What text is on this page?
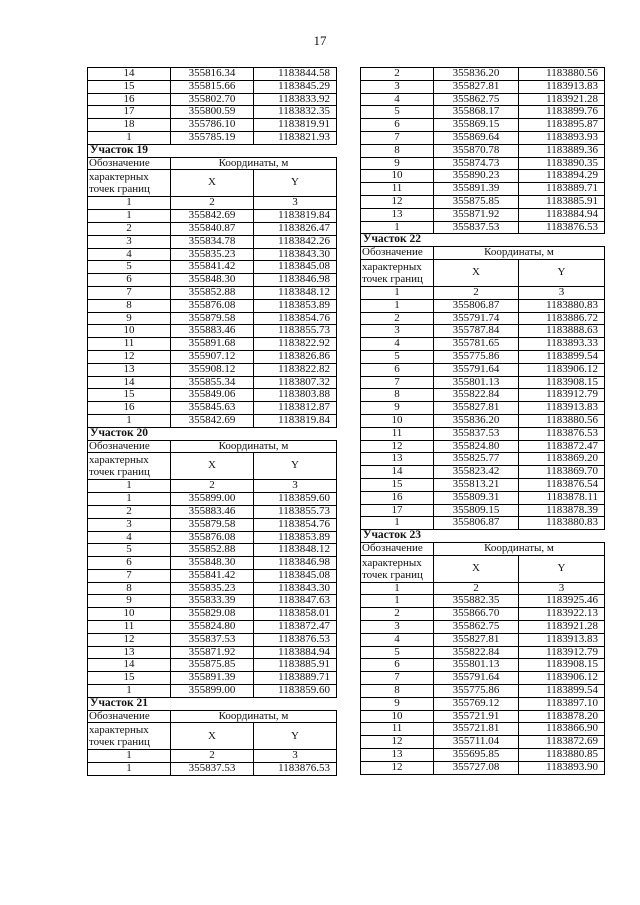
17
14	355816.34	1183844.58
15	355815.66	1183845.29
16	355802.70	1183833.92
17	355800.59	1183832.35
18	355786.10	1183819.91
1	355785.19	1183821.93
Участок 19		
Обозначение	Координаты, м	

характерных
точек границ	X	Y
1	2	3
1	355842.69	1183819.84
2	355840.87	1183826.47
3	355834.78	1183842.26
4	355835.23	1183843.30
5	355841.42	1183845.08
6	355848.30	1183846.98
7	355852.88	1183848.12
8	355876.08	1183853.89
9	355879.58	1183854.76
10	355883.46	1183855.73
11	355891.68	1183822.92
12	355907.12	1183826.86
13	355908.12	1183822.82
14	355855.34	1183807.32
15	355849.06	1183803.88
16	355845.63	1183812.87
1	355842.69	1183819.84
Участок 20		
Обозначение	Координаты, м	

характерных
точек границ	X	Y
1	2	3
1	355899.00	1183859.60
2	355883.46	1183855.73
3	355879.58	1183854.76
4	355876.08	1183853.89
5	355852.88	1183848.12
6	355848.30	1183846.98
7	355841.42	1183845.08
8	355835.23	1183843.30
9	355833.39	1183847.63
10	355829.08	1183858.01
11	355824.80	1183872.47
12	355837.53	1183876.53
13	355871.92	1183884.94
14	355875.85	1183885.91
15	355891.39	1183889.71
1	355899.00	1183859.60
Участок 21		
Обозначение	Координаты, м	

характерных
точек границ	X	Y
1	2	3
1	355837.53	1183876.53
2	355836.20	1183880.56
3	355827.81	1183913.83
4	355862.75	1183921.28
5	355868.17	1183899.76
6	355869.15	1183895.87
7	355869.64	1183893.93
8	355870.78	1183889.36
9	355874.73	1183890.35
10	355890.23	1183894.29
11	355891.39	1183889.71
12	355875.85	1183885.91
13	355871.92	1183884.94
1	355837.53	1183876.53
Участок 22		
Обозначение	Координаты, м	

характерных
точек границ	X	Y
1	2	3
1	355806.87	1183880.83
2	355791.74	1183886.72
3	355787.84	1183888.63
4	355781.65	1183893.33
5	355775.86	1183899.54
6	355791.64	1183906.12
7	355801.13	1183908.15
8	355822.84	1183912.79
9	355827.81	1183913.83
10	355836.20	1183880.56
11	355837.53	1183876.53
12	355824.80	1183872.47
13	355825.77	1183869.20
14	355823.42	1183869.70
15	355813.21	1183876.54
16	355809.31	1183878.11
17	355809.15	1183878.39
1	355806.87	1183880.83
Участок 23		
Обозначение	Координаты, м	

характерных
точек границ	X	Y
1	2	3
1	355882.35	1183925.46
2	355866.70	1183922.13
3	355862.75	1183921.28
4	355827.81	1183913.83
5	355822.84	1183912.79
6	355801.13	1183908.15
7	355791.64	1183906.12
8	355775.86	1183899.54
9	355769.12	1183897.10
10	355721.91	1183878.20
11	355721.81	1183866.90
12	355711.04	1183872.69
13	355695.85	1183880.85
12	355727.08	1183893.90
